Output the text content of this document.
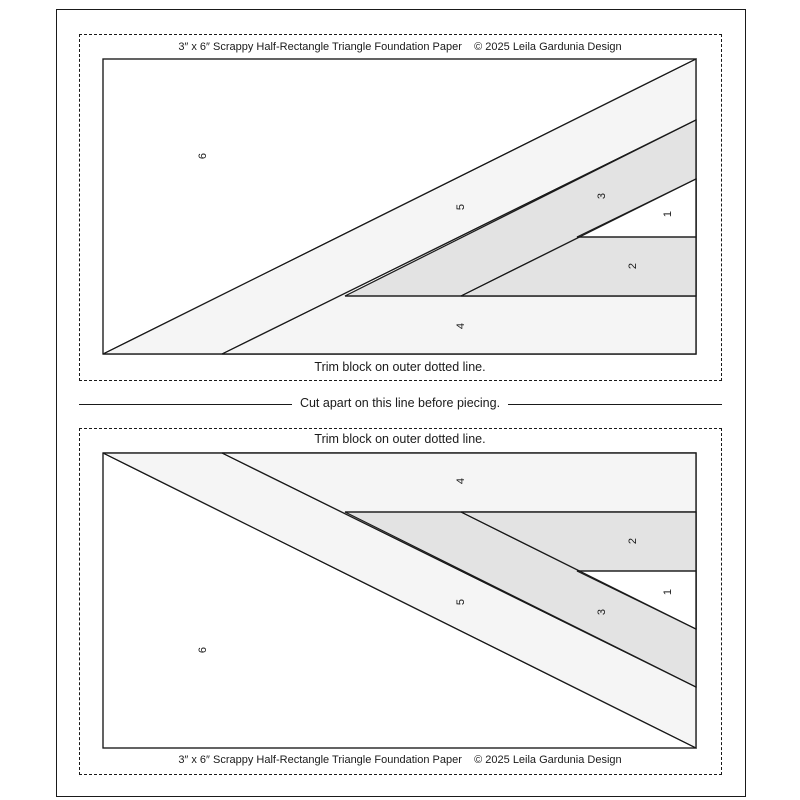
3″ x 6″ Scrappy Half-Rectangle Triangle Foundation Paper © 2025 Leila Gardunia Design
Trim block on outer dotted line.
Cut apart on this line before piecing.
Trim block on outer dotted line.
3″ x 6″ Scrappy Half-Rectangle Triangle Foundation Paper © 2025 Leila Gardunia Design
6
5
3
1
2
4
4
2
1
5
3
6
